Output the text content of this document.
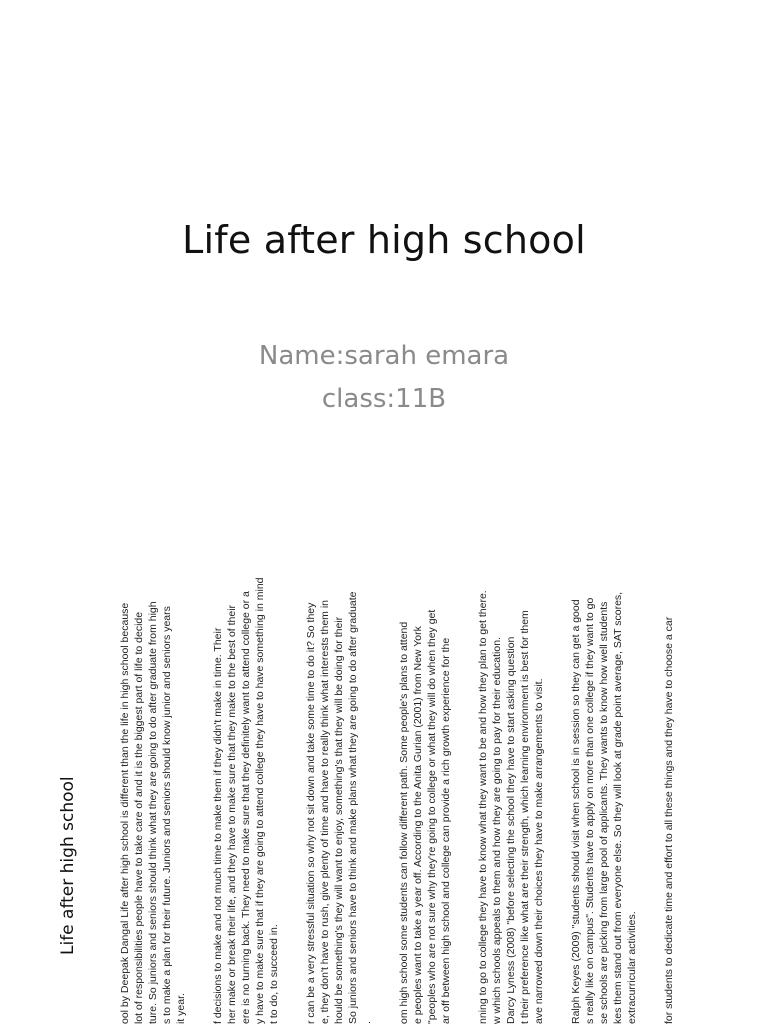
Life after high school
Name:sarah emara
class:11B
Life after high school	ool by Deepak Dangal Life after high school is different than the life in high school because lot of responsibilities people have to take care of and it is the biggest part of life to decide ture. So juniors and seniors should think what they are going to do after graduate from high s to make a plan for their future. Juniors and seniors should know junior and seniors years it year. f decisions to make and not much time to make them if they didn't make in time. Their her make or break their life, and they have to make sure that they make to the best of their ere is no turning back. They need to make sure that they definitely want to attend college or a y have to make sure that if they are going to attend college they have to have something in mind t to do, to succeed in. r can be a very stressful situation so why not sit down and take some time to do it? So they e, they don't have to rush, give plenty of time and have to really think what interests them in hould be something's they will want to enjoy, something's that they will be doing for their So juniors and seniors have to think and make plans what they are going to do after graduate . om high school some students can follow different path. Some people's plans to attend e peoples want to take a year off. According to the Anita Gurian (2001) from New York "peoples who are not sure why they're going to college or what they will do when they get ar off between high school and college can provide a rich growth experience for the nning to go to college they have to know what they want to be and how they plan to get there. w which schools appeals to them and how they are going to pay for their education. Darcy Lyness (2008) "before selecting the school they have to start asking question t their preference like what are their strength, which learning environment is best for them ave narrowed down their choices they have to make arrangements to visit. Ralph Keyes (2009) "students should visit when school is in session so they can get a good s really like on campus". Students have to apply on more than one college if they want to go se schools are picking from large pool of applicants. They wants to know how well students kes them stand out from everyone else. So they will look at grade point average, SAT scores, extracurricular activities. for students to dedicate time and effort to all these things and they have to choose a car
